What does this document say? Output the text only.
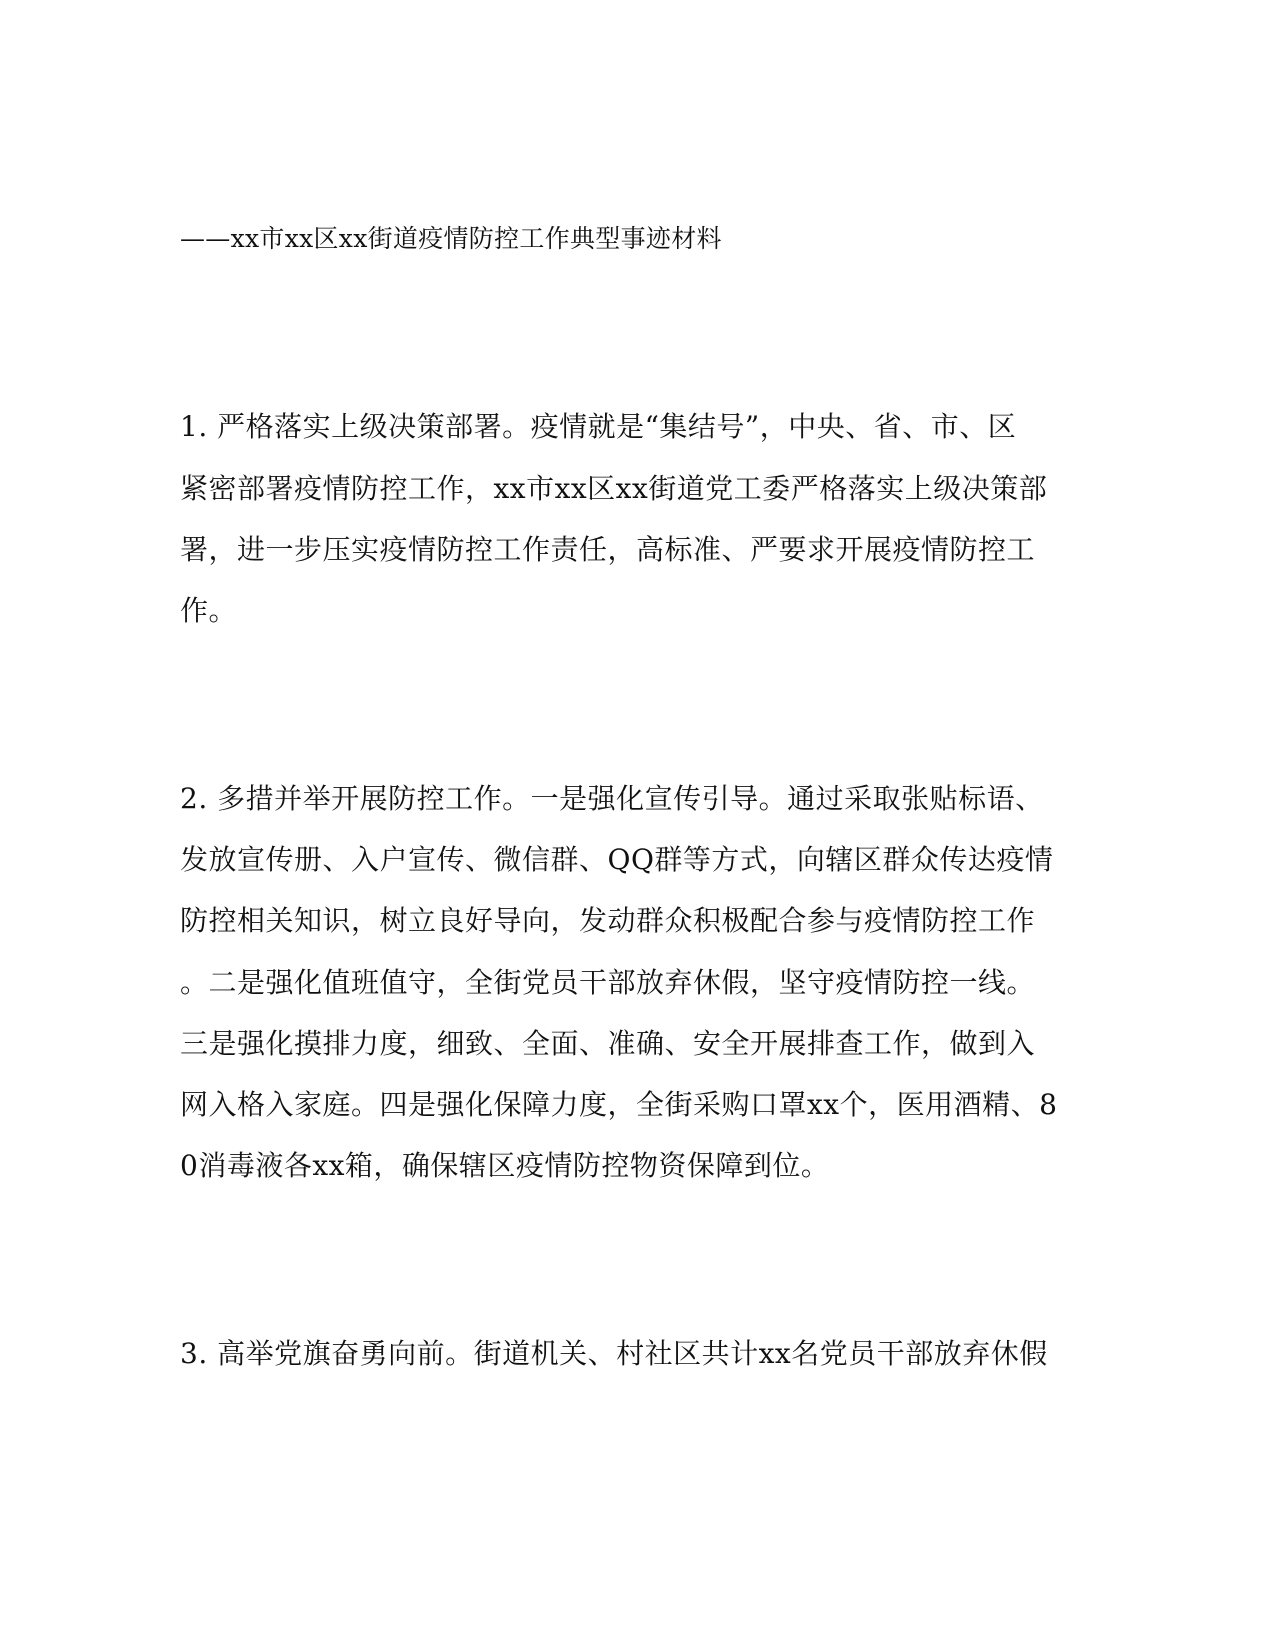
——xx市xx区xx街道疫情防控工作典型事迹材料
1. 严格落实上级决策部署。疫情就是“集结号”，中央、省、市、区
紧密部署疫情防控工作，xx市xx区xx街道党工委严格落实上级决策部
署，进一步压实疫情防控工作责任，高标准、严要求开展疫情防控工
作。
2. 多措并举开展防控工作。一是强化宣传引导。通过采取张贴标语、
发放宣传册、入户宣传、微信群、QQ群等方式，向辖区群众传达疫情
防控相关知识，树立良好导向，发动群众积极配合参与疫情防控工作
。二是强化值班值守，全街党员干部放弃休假，坚守疫情防控一线。
三是强化摸排力度，细致、全面、准确、安全开展排查工作，做到入
网入格入家庭。四是强化保障力度，全街采购口罩xx个，医用酒精、8
0消毒液各xx箱，确保辖区疫情防控物资保障到位。
3. 高举党旗奋勇向前。街道机关、村社区共计xx名党员干部放弃休假
